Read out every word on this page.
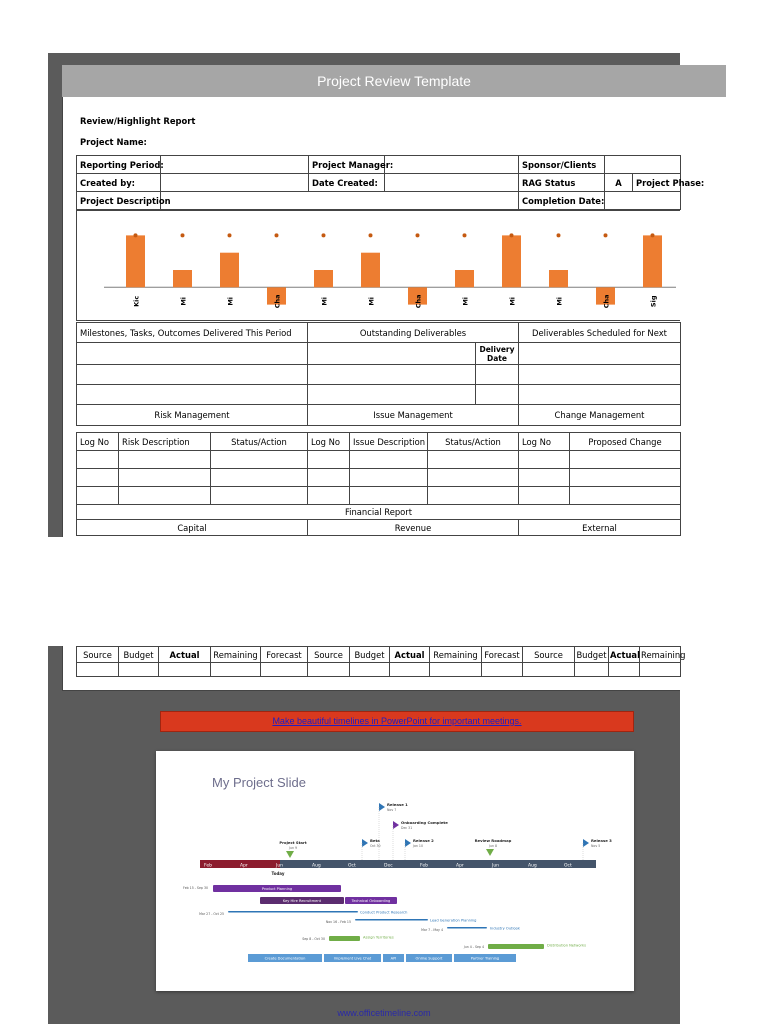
Project Review Template
Review/Highlight Report
Project Name:
Reporting Period:		Project Manager:		Sponsor/Clients		
Created by:		Date Created:		RAG Status	A	Project Phase:
Project Description				Completion Date:		
Kic	Mi	Mi	Cha	Mi	Mi	Cha	Mi	Mi	Mi	Cha	Sig
Milestones, Tasks, Outcomes Delivered This Period	Outstanding Deliverables		Deliverables Scheduled for Next
		Delivery Date	

Risk Management	Issue Management		Change Management
Log No	Risk Description	Status/Action	Log No	Issue Description	Status/Action	Log No	Proposed Change

Financial Report
Capital	Revenue	External
Source	Budget	Actual	Remaining	Forecast	Source	Budget	Actual	Remaining	Forecast	Source	Budget	Actual	Remaining

Make beautiful timelines in PowerPoint for important meetings.
My Project Slide
Feb	Apr	Jun	Aug	Oct	Dec	Feb	Apr	Jun	Aug	Oct
Today
Release 1
Nov 7
Onboarding Complete
Dec 31
Project Start
Jun 9
Beta
Oct 30
Release 2
Jan 10
Review Roadmap
Jun 8
Release 3
Nov 5
Product Planning
Feb 15 - Sep 30
Key Hire Recruitment	Technical Onboarding
Conduct Product Research
Mar 27 - Oct 25
Lead Generation Planning
Nov 16 - Feb 15
Industry Outlook
Mar 7 - May 4
Assign Territories
Sep 8 - Oct 30
Distribution Networks
Jun 4 - Sep 4
Create Documentation	Implement Live Chat	API	Online Support	Partner Training
www.officetimeline.com
